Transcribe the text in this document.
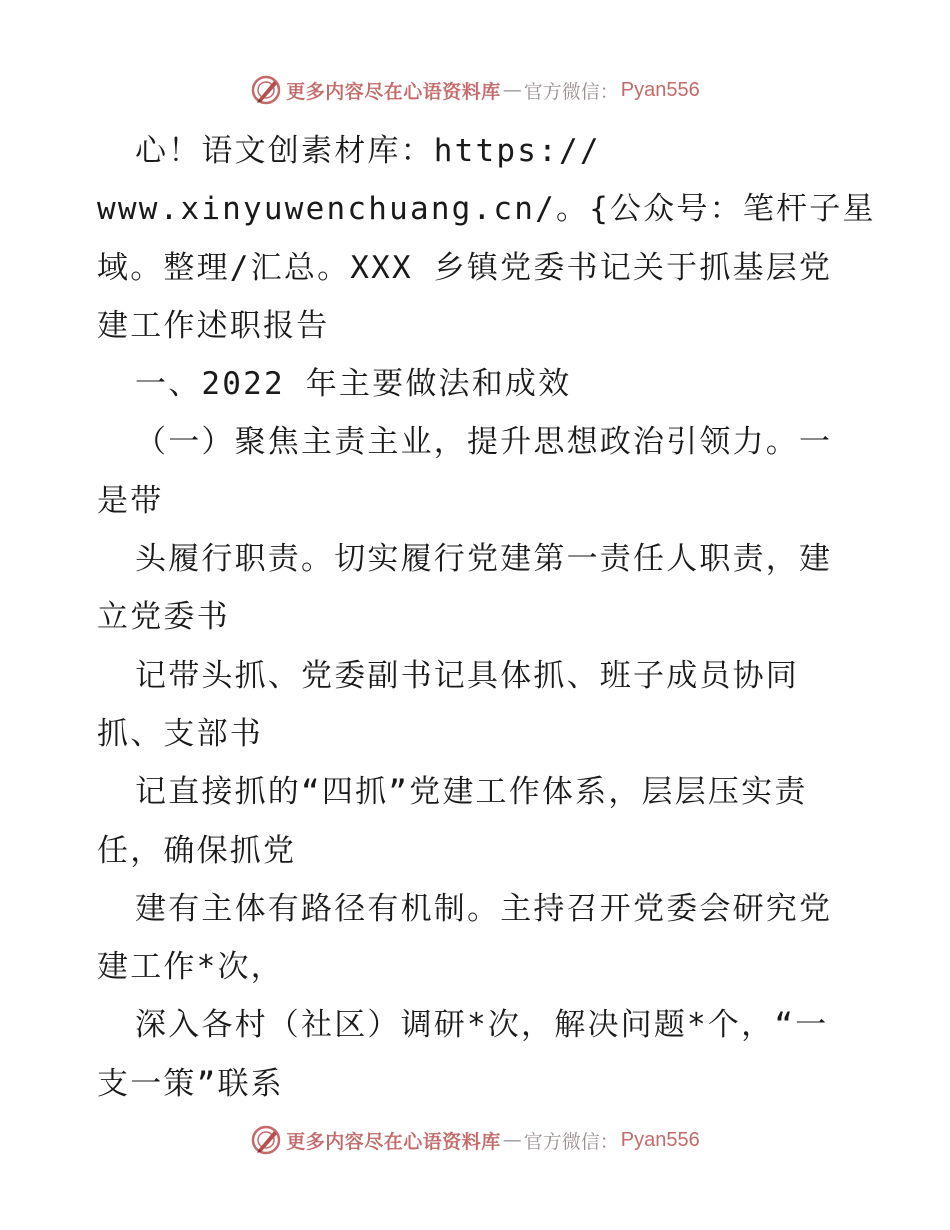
更多内容尽在心语资料库 — 官方微信： Pyan556
心！语文创素材库：https://
www.xinyuwenchuang.cn/。{公众号：笔杆子星
域。整理/汇总。XXX 乡镇党委书记关于抓基层党
建工作述职报告
一、2022 年主要做法和成效
（一）聚焦主责主业，提升思想政治引领力。一
是带
头履行职责。切实履行党建第一责任人职责，建
立党委书
记带头抓、党委副书记具体抓、班子成员协同
抓、支部书
记直接抓的“四抓”党建工作体系，层层压实责
任，确保抓党
建有主体有路径有机制。主持召开党委会研究党
建工作*次，
深入各村（社区）调研*次，解决问题*个，“一
支一策”联系
更多内容尽在心语资料库 — 官方微信： Pyan556
